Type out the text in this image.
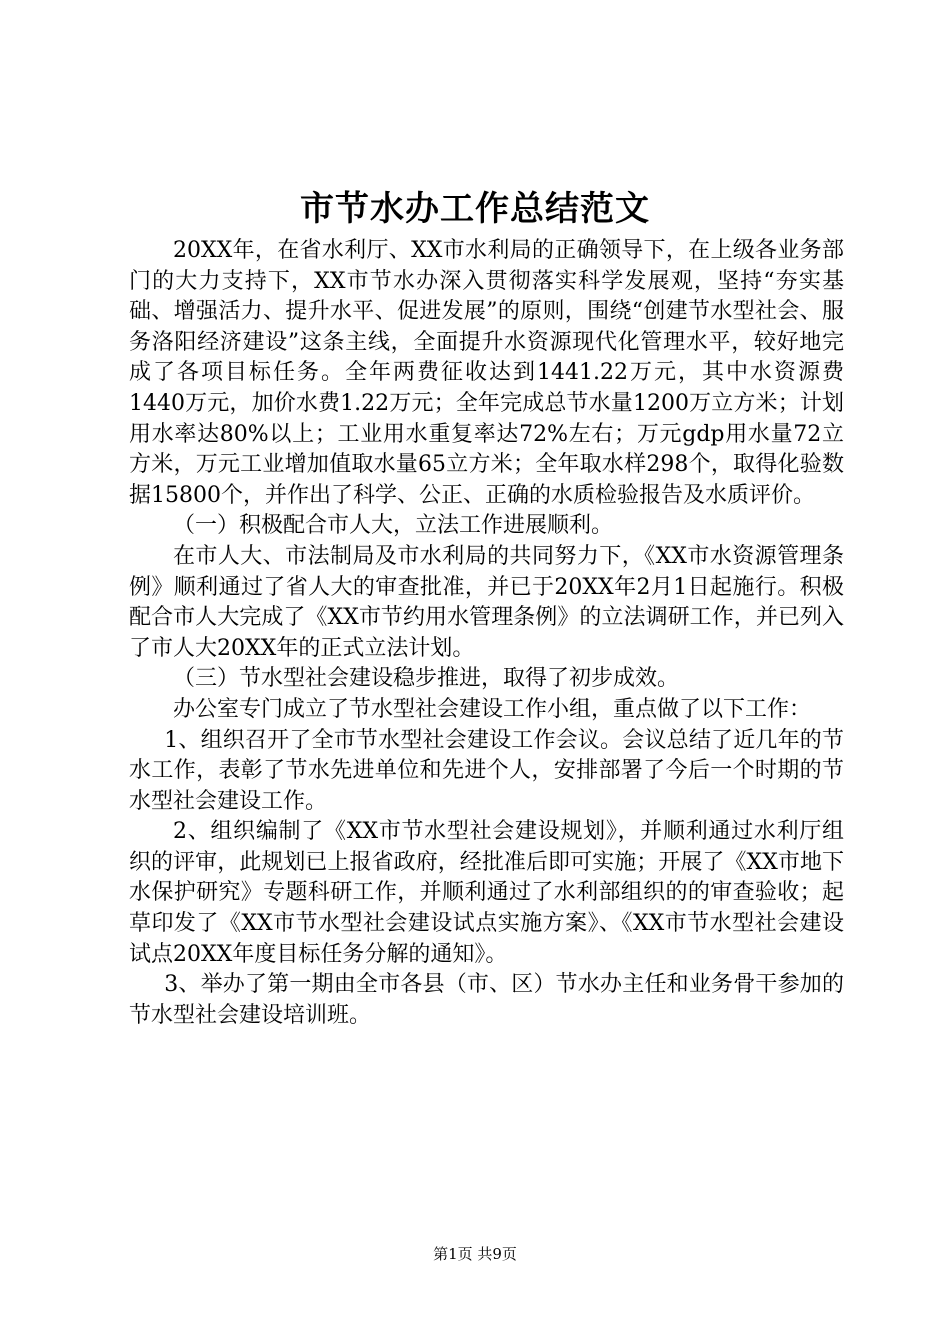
市节水办工作总结范文

20XX年，在省水利厅、XX市水利局的正确领导下，在上级各业务部门的大力支持下，XX市节水办深入贯彻落实科学发展观，坚持“夯实基础、增强活力、提升水平、促进发展”的原则，围绕“创建节水型社会、服务洛阳经济建设”这条主线，全面提升水资源现代化管理水平，较好地完成了各项目标任务。全年两费征收达到1441.22万元，其中水资源费1440万元，加价水费1.22万元；全年完成总节水量1200万立方米；计划用水率达80%以上；工业用水重复率达72%左右；万元gdp用水量72立方米，万元工业增加值取水量65立方米；全年取水样298个，取得化验数据15800个，并作出了科学、公正、正确的水质检验报告及水质评价。

（一）积极配合市人大，立法工作进展顺利。

在市人大、市法制局及市水利局的共同努力下，《XX市水资源管理条例》顺利通过了省人大的审查批准，并已于20XX年2月1日起施行。积极配合市人大完成了《XX市节约用水管理条例》的立法调研工作，并已列入了市人大20XX年的正式立法计划。

（三）节水型社会建设稳步推进，取得了初步成效。

办公室专门成立了节水型社会建设工作小组，重点做了以下工作：

1、组织召开了全市节水型社会建设工作会议。会议总结了近几年的节水工作，表彰了节水先进单位和先进个人，安排部署了今后一个时期的节水型社会建设工作。

2、组织编制了《XX市节水型社会建设规划》，并顺利通过水利厅组织的评审，此规划已上报省政府，经批准后即可实施；开展了《XX市地下水保护研究》专题科研工作，并顺利通过了水利部组织的的审查验收；起草印发了《XX市节水型社会建设试点实施方案》、《XX市节水型社会建设试点20XX年度目标任务分解的通知》。

3、举办了第一期由全市各县（市、区）节水办主任和业务骨干参加的节水型社会建设培训班。

第1页 共9页
